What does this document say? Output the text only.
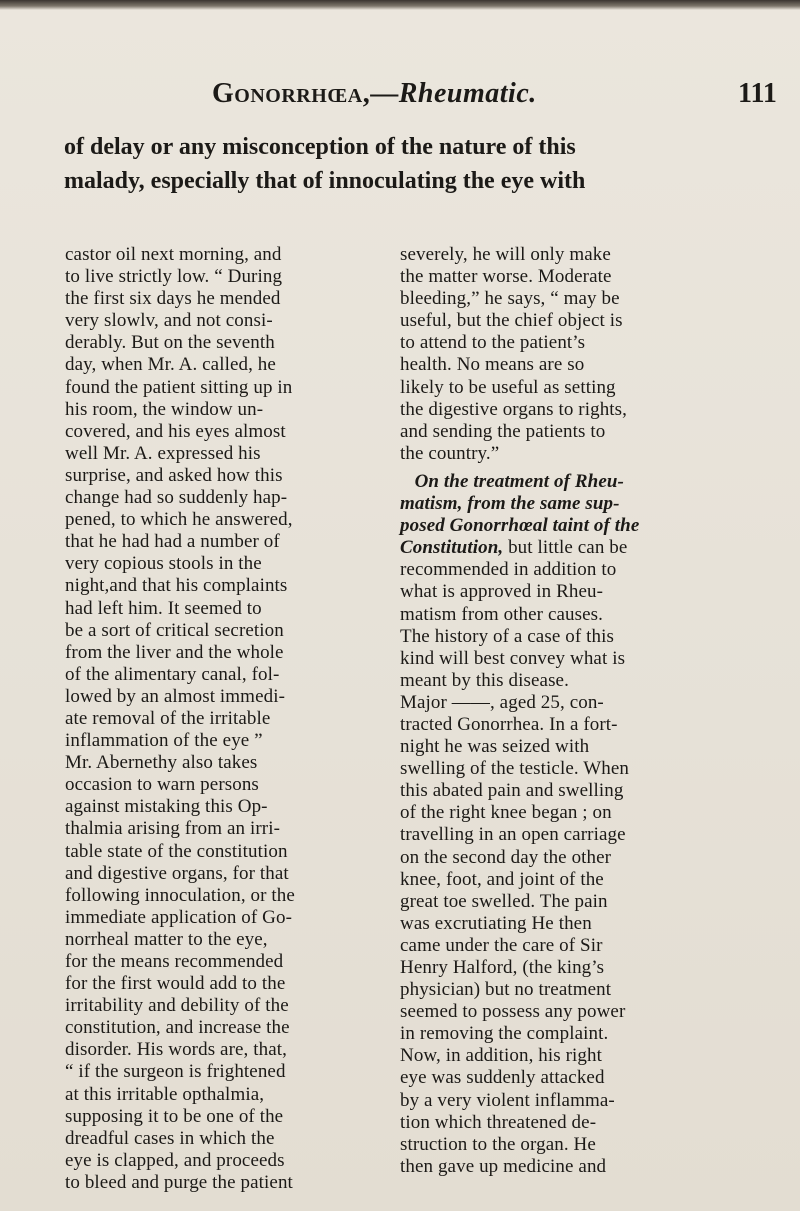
Gonorrhœa,—Rheumatic.	111
of delay or any misconception of the nature of this
malady, especially that of innoculating the eye with
castor oil next morning, and
to live strictly low. “ During
the first six days he mended
very slowlv, and not consi-
derably. But on the seventh
day, when Mr. A. called, he
found the patient sitting up in
his room, the window un-
covered, and his eyes almost
well Mr. A. expressed his
surprise, and asked how this
change had so suddenly hap-
pened, to which he answered,
that he had had a number of
very copious stools in the
night,and that his complaints
had left him. It seemed to
be a sort of critical secretion
from the liver and the whole
of the alimentary canal, fol-
lowed by an almost immedi-
ate removal of the irritable
inflammation of the eye ”
Mr. Abernethy also takes
occasion to warn persons
against mistaking this Op-
thalmia arising from an irri-
table state of the constitution
and digestive organs, for that
following innoculation, or the
immediate application of Go-
norrheal matter to the eye,
for the means recommended
for the first would add to the
irritability and debility of the
constitution, and increase the
disorder. His words are, that,
“ if the surgeon is frightened
at this irritable opthalmia,
supposing it to be one of the
dreadful cases in which the
eye is clapped, and proceeds
to bleed and purge the patient
severely, he will only make
the matter worse. Moderate
bleeding,” he says, “ may be
useful, but the chief object is
to attend to the patient’s
health. No means are so
likely to be useful as setting
the digestive organs to rights,
and sending the patients to
the country.”
On the treatment of Rheu-
matism, from the same sup-
posed Gonorrhœal taint of the
Constitution, but little can be
recommended in addition to
what is approved in Rheu-
matism from other causes.
The history of a case of this
kind will best convey what is
meant by this disease.
Major ——, aged 25, con-
tracted Gonorrhea. In a fort-
night he was seized with
swelling of the testicle. When
this abated pain and swelling
of the right knee began ; on
travelling in an open carriage
on the second day the other
knee, foot, and joint of the
great toe swelled. The pain
was excrutiating He then
came under the care of Sir
Henry Halford, (the king’s
physician) but no treatment
seemed to possess any power
in removing the complaint.
Now, in addition, his right
eye was suddenly attacked
by a very violent inflamma-
tion which threatened de-
struction to the organ. He
then gave up medicine and
